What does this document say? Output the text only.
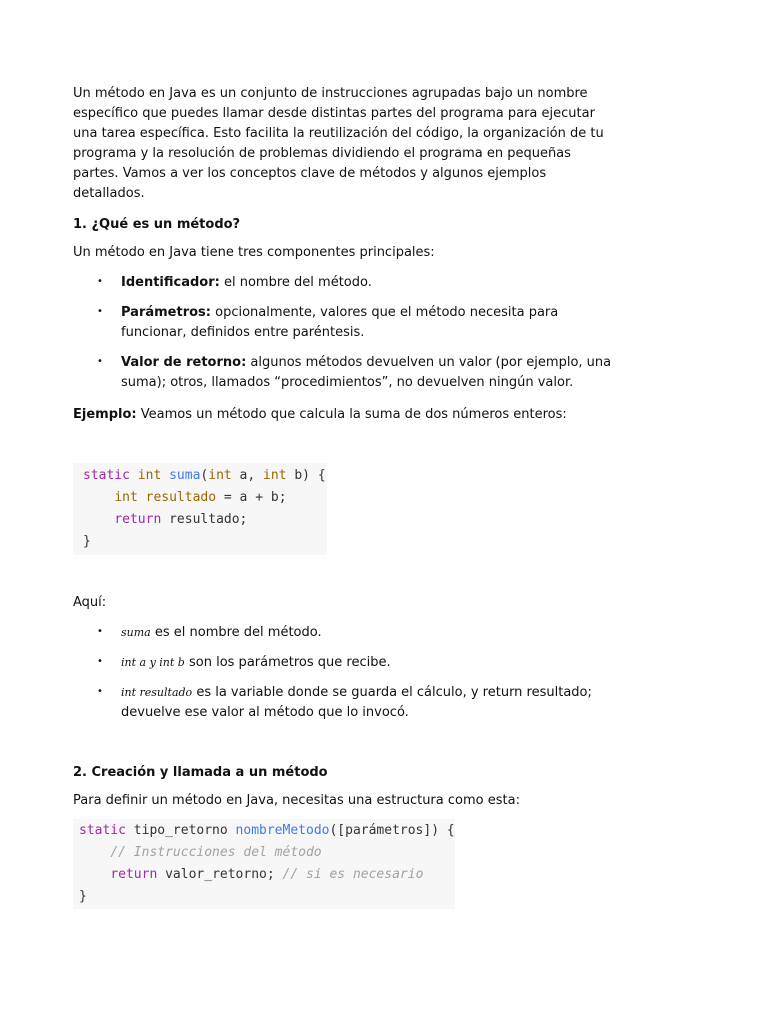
Un método en Java es un conjunto de instrucciones agrupadas bajo un nombre específico que puedes llamar desde distintas partes del programa para ejecutar una tarea específica. Esto facilita la reutilización del código, la organización de tu programa y la resolución de problemas dividiendo el programa en pequeñas partes. Vamos a ver los conceptos clave de métodos y algunos ejemplos detallados.

1. ¿Qué es un método?

Un método en Java tiene tres componentes principales:

• Identificador: el nombre del método.
• Parámetros: opcionalmente, valores que el método necesita para funcionar, definidos entre paréntesis.
• Valor de retorno: algunos métodos devuelven un valor (por ejemplo, una suma); otros, llamados “procedimientos”, no devuelven ningún valor.

Ejemplo: Veamos un método que calcula la suma de dos números enteros:

static int suma(int a, int b) {
int resultado = a + b;
return resultado;
}

Aquí:

• suma es el nombre del método.
• int a y int b son los parámetros que recibe.
• int resultado es la variable donde se guarda el cálculo, y return resultado; devuelve ese valor al método que lo invocó.
2. Creación y llamada a un método

Para definir un método en Java, necesitas una estructura como esta:

static tipo_retorno nombreMetodo([parámetros]) {
// Instrucciones del método
return valor_retorno; // si es necesario
}
